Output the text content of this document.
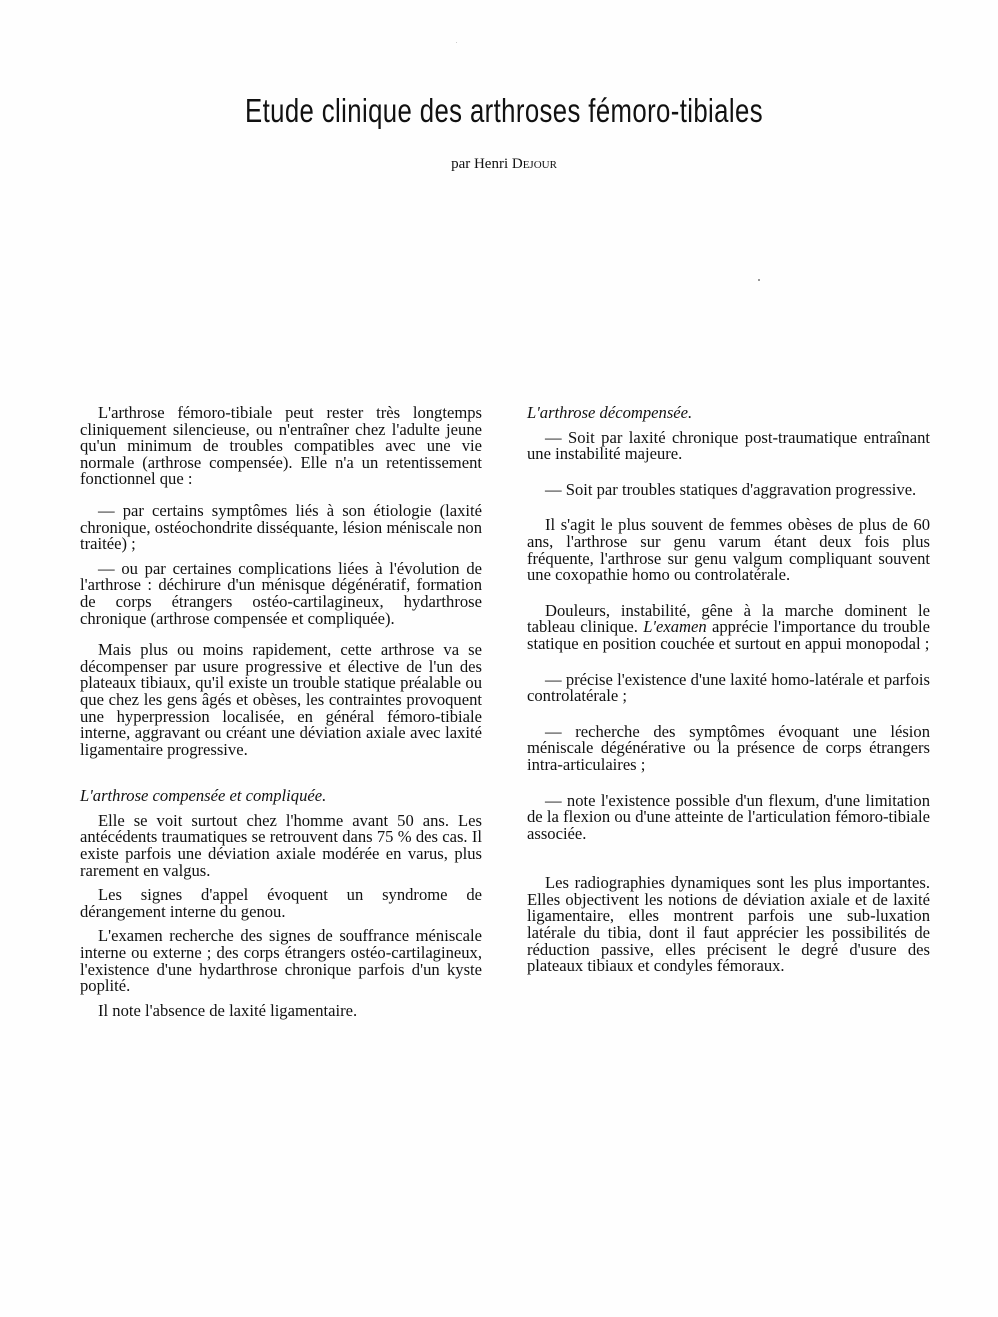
Etude clinique des arthroses fémoro-tibiales
par Henri Dejour

L'arthrose fémoro-tibiale peut rester très longtemps cliniquement silencieuse, ou n'entraîner chez l'adulte jeune qu'un minimum de troubles compatibles avec une vie normale (arthrose compensée). Elle n'a un retentissement fonctionnel que :

— par certains symptômes liés à son étiologie (laxité chronique, ostéochondrite disséquante, lésion méniscale non traitée) ;

— ou par certaines complications liées à l'évolution de l'arthrose : déchirure d'un ménisque dégénératif, formation de corps étrangers ostéo-cartilagineux, hydarthrose chronique (arthrose compensée et compliquée).

Mais plus ou moins rapidement, cette arthrose va se décompenser par usure progressive et élective de l'un des plateaux tibiaux, qu'il existe un trouble statique préalable ou que chez les gens âgés et obèses, les contraintes provoquent une hyperpression localisée, en général fémoro-tibiale interne, aggravant ou créant une déviation axiale avec laxité ligamentaire progressive.

L'arthrose compensée et compliquée.

Elle se voit surtout chez l'homme avant 50 ans. Les antécédents traumatiques se retrouvent dans 75 % des cas. Il existe parfois une déviation axiale modérée en varus, plus rarement en valgus.

Les signes d'appel évoquent un syndrome de dérangement interne du genou.

L'examen recherche des signes de souffrance méniscale interne ou externe ; des corps étrangers ostéo-cartilagineux, l'existence d'une hydarthrose chronique parfois d'un kyste poplité.

Il note l'absence de laxité ligamentaire.

L'arthrose décompensée.

— Soit par laxité chronique post-traumatique entraînant une instabilité majeure.

— Soit par troubles statiques d'aggravation progressive.

Il s'agit le plus souvent de femmes obèses de plus de 60 ans, l'arthrose sur genu varum étant deux fois plus fréquente, l'arthrose sur genu valgum compliquant souvent une coxopathie homo ou controlatérale.

Douleurs, instabilité, gêne à la marche dominent le tableau clinique. L'examen apprécie l'importance du trouble statique en position couchée et surtout en appui monopodal ;

— précise l'existence d'une laxité homo-latérale et parfois controlatérale ;

— recherche des symptômes évoquant une lésion méniscale dégénérative ou la présence de corps étrangers intra-articulaires ;

— note l'existence possible d'un flexum, d'une limitation de la flexion ou d'une atteinte de l'articulation fémoro-tibiale associée.

Les radiographies dynamiques sont les plus importantes. Elles objectivent les notions de déviation axiale et de laxité ligamentaire, elles montrent parfois une sub-luxation latérale du tibia, dont il faut apprécier les possibilités de réduction passive, elles précisent le degré d'usure des plateaux tibiaux et condyles fémoraux.
